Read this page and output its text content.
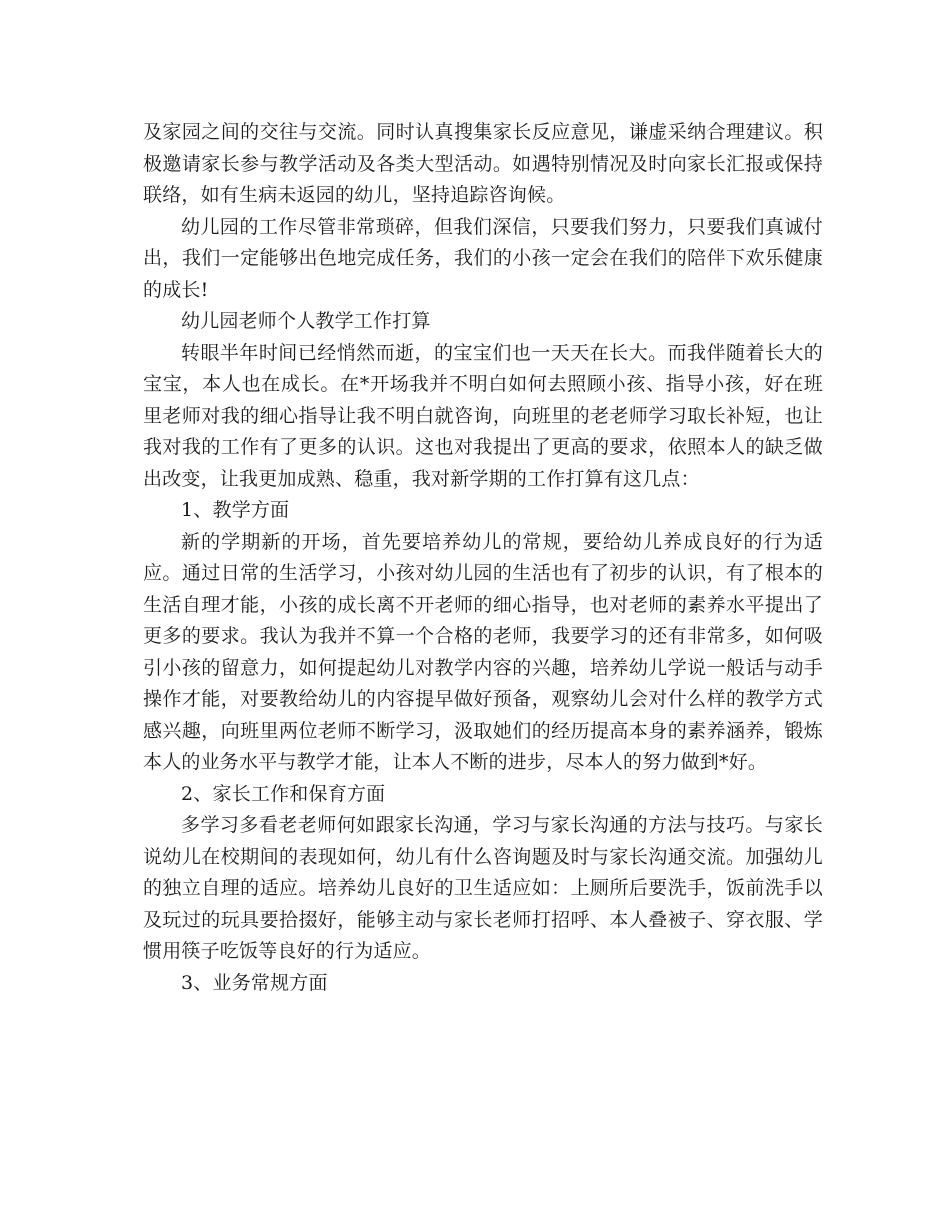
及家园之间的交往与交流。同时认真搜集家长反应意见，谦虚采纳合理建议。积极邀请家长参与教学活动及各类大型活动。如遇特别情况及时向家长汇报或保持联络，如有生病未返园的幼儿，坚持追踪咨询候。

幼儿园的工作尽管非常琐碎，但我们深信，只要我们努力，只要我们真诚付出，我们一定能够出色地完成任务，我们的小孩一定会在我们的陪伴下欢乐健康的成长!

幼儿园老师个人教学工作打算

转眼半年时间已经悄然而逝，的宝宝们也一天天在长大。而我伴随着长大的宝宝，本人也在成长。在*开场我并不明白如何去照顾小孩、指导小孩，好在班里老师对我的细心指导让我不明白就咨询，向班里的老老师学习取长补短，也让我对我的工作有了更多的认识。这也对我提出了更高的要求，依照本人的缺乏做出改变，让我更加成熟、稳重，我对新学期的工作打算有这几点：

1、教学方面

新的学期新的开场，首先要培养幼儿的常规，要给幼儿养成良好的行为适应。通过日常的生活学习，小孩对幼儿园的生活也有了初步的认识，有了根本的生活自理才能，小孩的成长离不开老师的细心指导，也对老师的素养水平提出了更多的要求。我认为我并不算一个合格的老师，我要学习的还有非常多，如何吸引小孩的留意力，如何提起幼儿对教学内容的兴趣，培养幼儿学说一般话与动手操作才能，对要教给幼儿的内容提早做好预备，观察幼儿会对什么样的教学方式感兴趣，向班里两位老师不断学习，汲取她们的经历提高本身的素养涵养，锻炼本人的业务水平与教学才能，让本人不断的进步，尽本人的努力做到*好。

2、家长工作和保育方面

多学习多看老老师何如跟家长沟通，学习与家长沟通的方法与技巧。与家长说幼儿在校期间的表现如何，幼儿有什么咨询题及时与家长沟通交流。加强幼儿的独立自理的适应。培养幼儿良好的卫生适应如：上厕所后要洗手，饭前洗手以及玩过的玩具要拾掇好，能够主动与家长老师打招呼、本人叠被子、穿衣服、学惯用筷子吃饭等良好的行为适应。

3、业务常规方面
